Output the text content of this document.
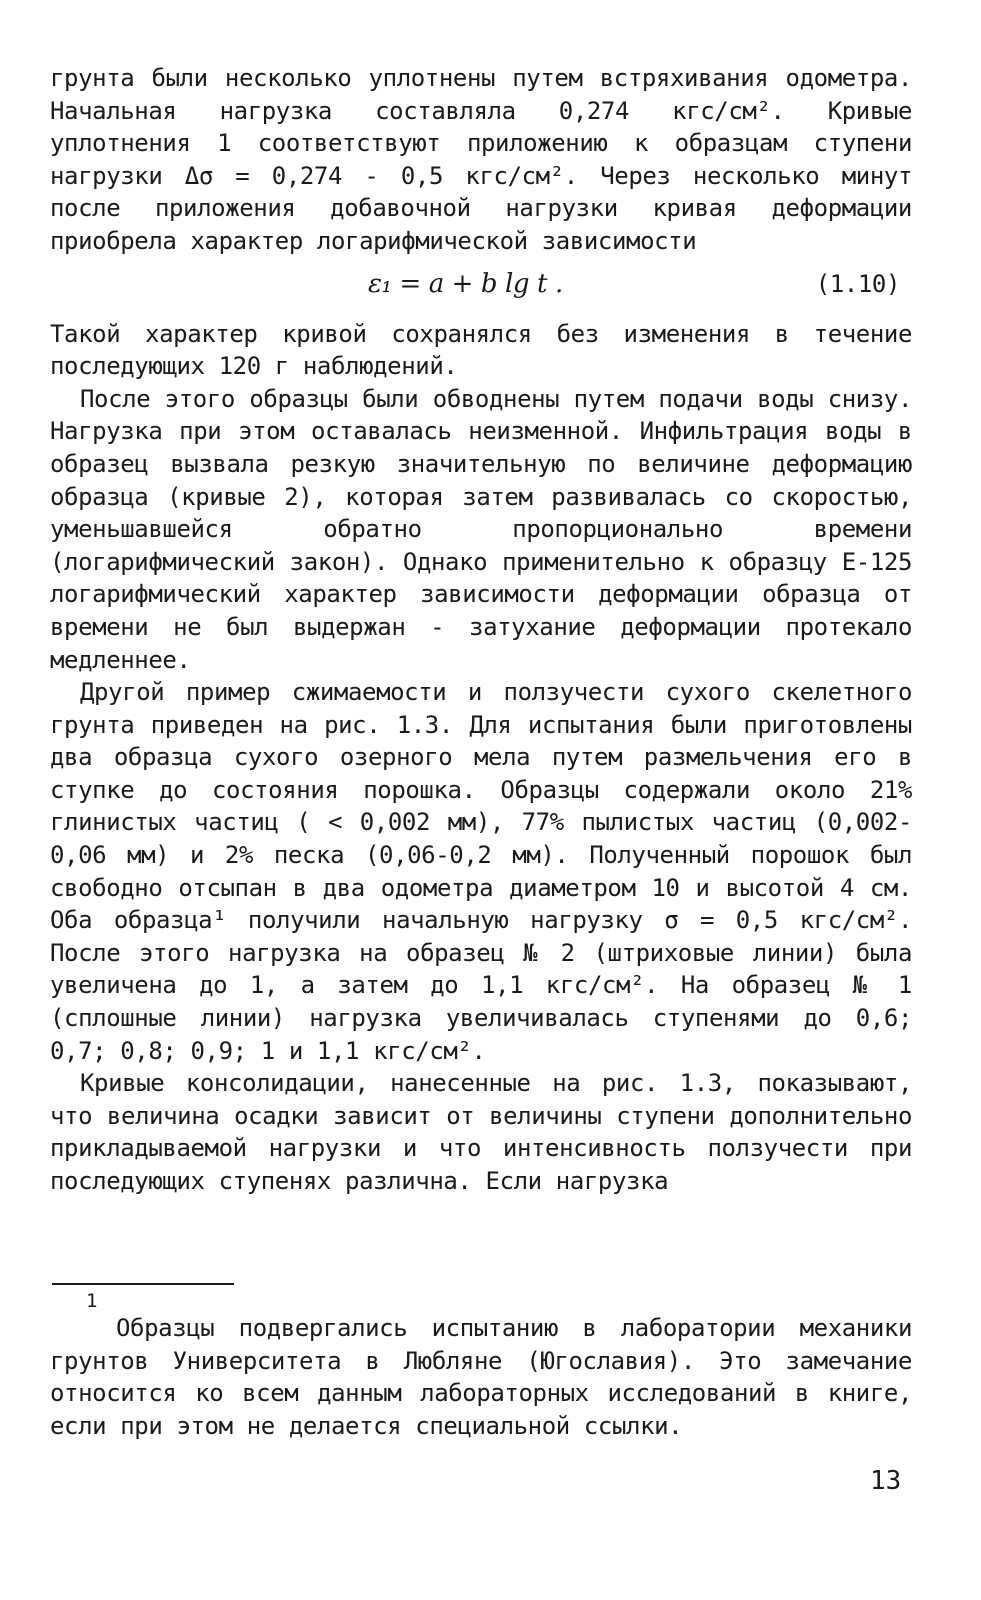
грунта были несколько уплотнены путем встряхивания одометра. Начальная нагрузка составляла 0,274 кгс/см². Кривые уплотнения 1 соответствуют приложению к образцам ступени нагрузки Δσ = 0,274 - 0,5 кгс/см². Через несколько минут после приложения добавочной нагрузки кривая деформации приобрела характер логарифмической зависимости

ε₁ = a + b lg t .	(1.10)

Такой характер кривой сохранялся без изменения в течение последующих 120 г наблюдений.

После этого образцы были обводнены путем подачи воды снизу. Нагрузка при этом оставалась неизменной. Инфильтрация воды в образец вызвала резкую значительную по величине деформацию образца (кривые 2), которая затем развивалась со скоростью, уменьшавшейся обратно пропорционально времени (логарифмический закон). Однако применительно к образцу Е-125 логарифмический характер зависимости деформации образца от времени не был выдержан - затухание деформации протекало медленнее.

Другой пример сжимаемости и ползучести сухого скелетного грунта приведен на рис. 1.3. Для испытания были приготовлены два образца сухого озерного мела путем размельчения его в ступке до состояния порошка. Образцы содержали около 21% глинистых частиц ( < 0,002 мм), 77% пылистых частиц (0,002-0,06 мм) и 2% песка (0,06-0,2 мм). Полученный порошок был свободно отсыпан в два одометра диаметром 10 и высотой 4 см. Оба образца¹ получили начальную нагрузку σ = 0,5 кгс/см². После этого нагрузка на образец № 2 (штриховые линии) была увеличена до 1, а затем до 1,1 кгс/см². На образец № 1 (сплошные линии) нагрузка увеличивалась ступенями до 0,6; 0,7; 0,8; 0,9; 1 и 1,1 кгс/см².

Кривые консолидации, нанесенные на рис. 1.3, показывают, что величина осадки зависит от величины ступени дополнительно прикладываемой нагрузки и что интенсивность ползучести при последующих ступенях различна. Если нагрузка

1

Образцы подвергались испытанию в лаборатории механики грунтов Университета в Любляне (Югославия). Это замечание относится ко всем данным лабораторных исследований в книге, если при этом не делается специальной ссылки.

13
